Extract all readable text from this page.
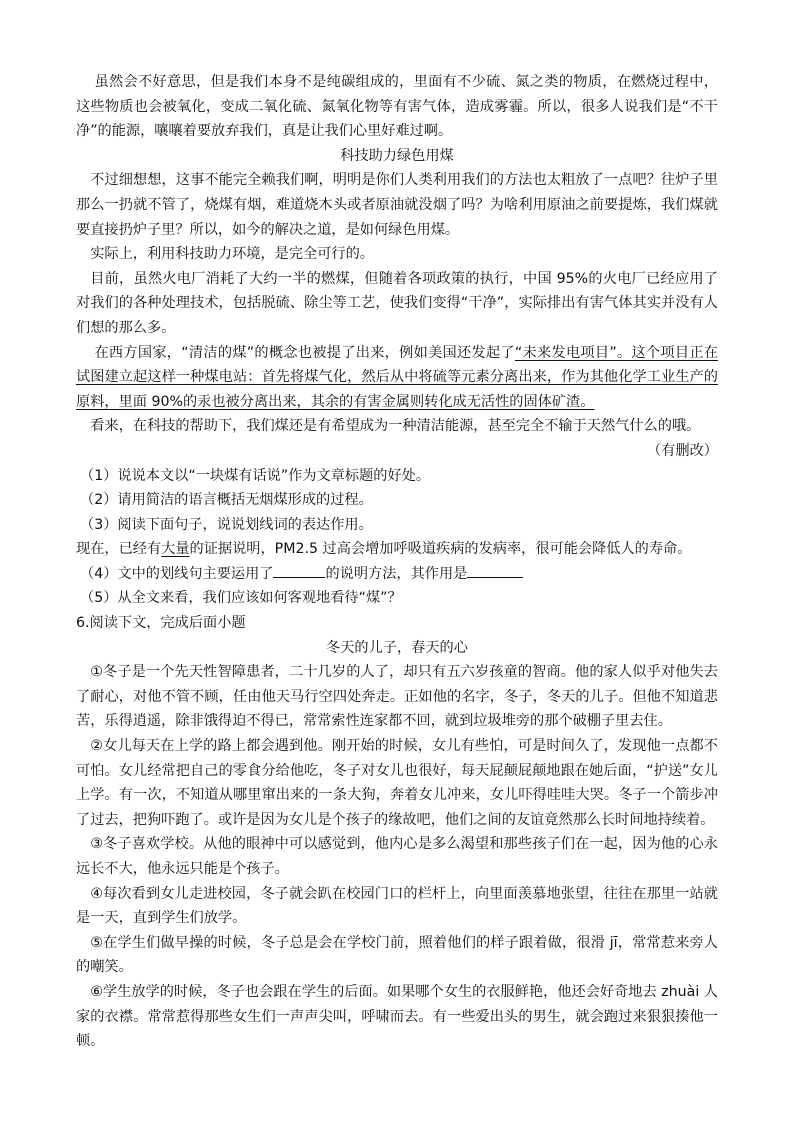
虽然会不好意思，但是我们本身不是纯碳组成的，里面有不少硫、氮之类的物质，在燃烧过程中，这些物质也会被氧化，变成二氧化硫、氮氧化物等有害气体，造成雾霾。所以，很多人说我们是“不干净”的能源，嚷嚷着要放弃我们，真是让我们心里好难过啊。

科技助力绿色用煤

不过细想想，这事不能完全赖我们啊，明明是你们人类利用我们的方法也太粗放了一点吧？往炉子里那么一扔就不管了，烧煤有烟，难道烧木头或者原油就没烟了吗？为啥利用原油之前要提炼，我们煤就要直接扔炉子里？所以，如今的解决之道，是如何绿色用煤。

实际上，利用科技助力环境，是完全可行的。

目前，虽然火电厂消耗了大约一半的燃煤，但随着各项政策的执行，中国 95%的火电厂已经应用了对我们的各种处理技术，包括脱硫、除尘等工艺，使我们变得“干净”，实际排出有害气体其实并没有人们想的那么多。

在西方国家，“清洁的煤”的概念也被提了出来，例如美国还发起了“未来发电项目”。这个项目正在试图建立起这样一种煤电站：首先将煤气化，然后从中将硫等元素分离出来，作为其他化学工业生产的原料，里面 90%的汞也被分离出来，其余的有害金属则转化成无活性的固体矿渣。

看来，在科技的帮助下，我们煤还是有希望成为一种清洁能源，甚至完全不输于天然气什么的哦。

（有删改）

（1）说说本文以“一块煤有话说”作为文章标题的好处。

（2）请用简洁的语言概括无烟煤形成的过程。

（3）阅读下面句子，说说划线词的表达作用。

现在，已经有大量的证据说明，PM2.5 过高会增加呼吸道疾病的发病率，很可能会降低人的寿命。

（4）文中的划线句主要运用了	的说明方法，其作用是

（5）从全文来看，我们应该如何客观地看待“煤”？

6.阅读下文，完成后面小题

冬天的儿子，春天的心

①冬子是一个先天性智障患者，二十几岁的人了，却只有五六岁孩童的智商。他的家人似乎对他失去了耐心，对他不管不顾，任由他天马行空四处奔走。正如他的名字，冬子，冬天的儿子。但他不知道悲苦，乐得逍遥，除非饿得迫不得已，常常索性连家都不回，就到垃圾堆旁的那个破棚子里去住。

②女儿每天在上学的路上都会遇到他。刚开始的时候，女儿有些怕，可是时间久了，发现他一点都不可怕。女儿经常把自己的零食分给他吃，冬子对女儿也很好，每天屁颠屁颠地跟在她后面，“护送”女儿上学。有一次，不知道从哪里窜出来的一条大狗，奔着女儿冲来，女儿吓得哇哇大哭。冬子一个箭步冲了过去，把狗吓跑了。或许是因为女儿是个孩子的缘故吧，他们之间的友谊竟然那么长时间地持续着。

③冬子喜欢学校。从他的眼神中可以感觉到，他内心是多么渴望和那些孩子们在一起，因为他的心永远长不大，他永远只能是个孩子。

④每次看到女儿走进校园，冬子就会趴在校园门口的栏杆上，向里面羡慕地张望，往往在那里一站就是一天，直到学生们放学。

⑤在学生们做早操的时候，冬子总是会在学校门前，照着他们的样子跟着做，很滑 jī，常常惹来旁人的嘲笑。

⑥学生放学的时候，冬子也会跟在学生的后面。如果哪个女生的衣服鲜艳，他还会好奇地去 zhuài 人家的衣襟。常常惹得那些女生们一声声尖叫，呼啸而去。有一些爱出头的男生，就会跑过来狠狠揍他一顿。
